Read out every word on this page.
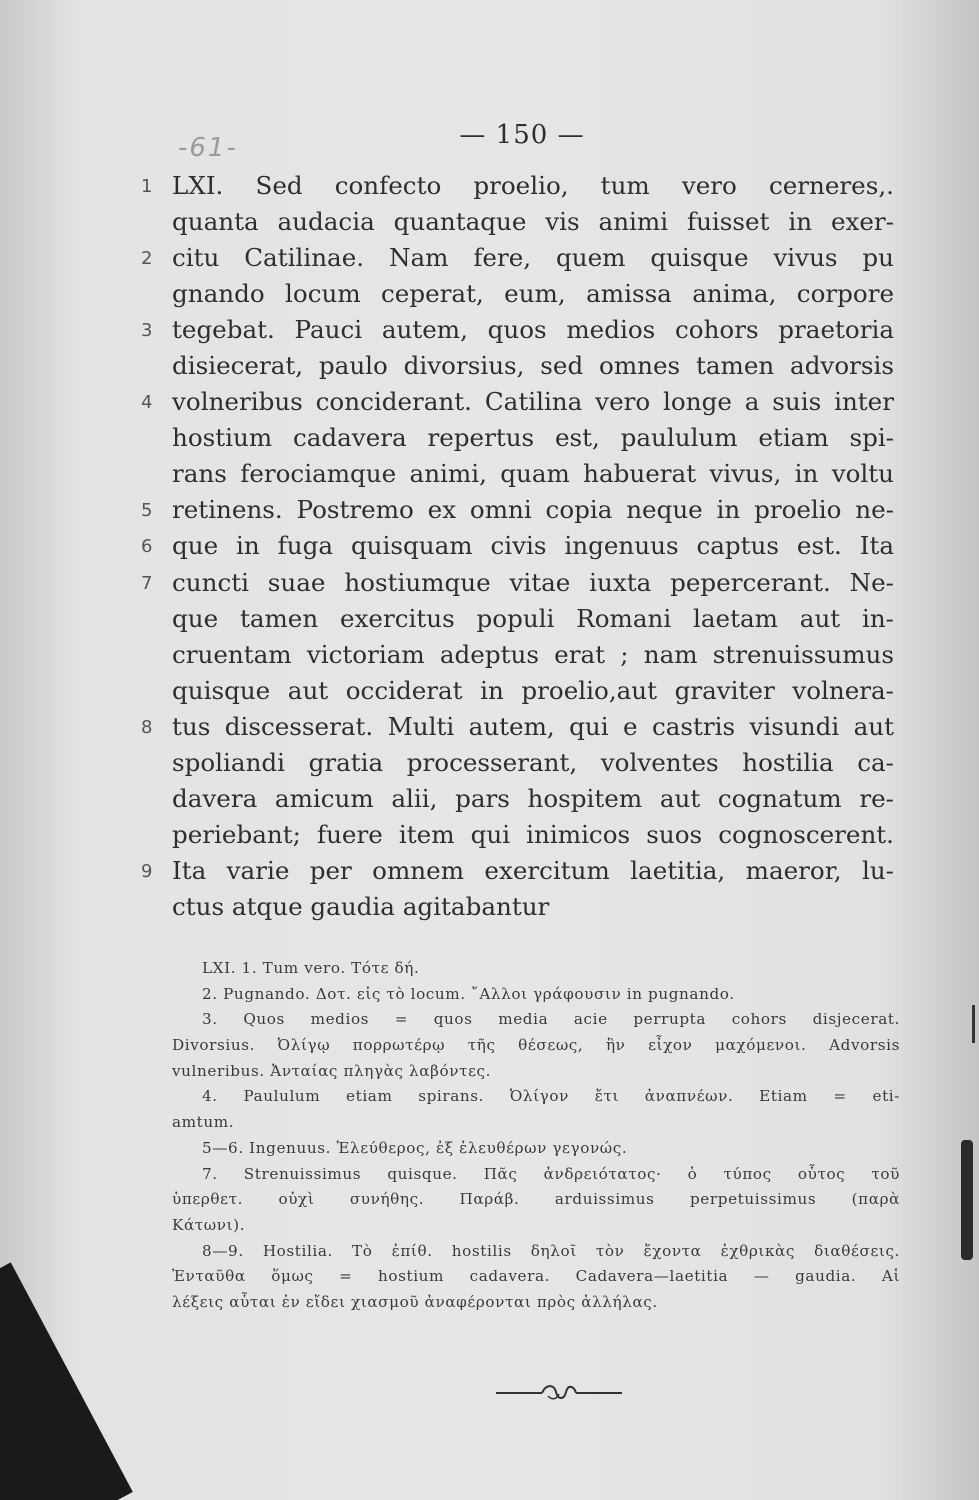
-61-	— 150 —
1 LXI. Sed confecto proelio, tum vero cerneres,.
quanta audacia quantaque vis animi fuisset in exer-
2 citu Catilinae. Nam fere, quem quisque vivus pu
gnando locum ceperat, eum, amissa anima, corpore
3 tegebat. Pauci autem, quos medios cohors praetoria
disiecerat, paulo divorsius, sed omnes tamen advorsis
4 volneribus conciderant. Catilina vero longe a suis inter
hostium cadavera repertus est, paululum etiam spi-
rans ferociamque animi, quam habuerat vivus, in voltu
5 retinens. Postremo ex omni copia neque in proelio ne-
6 que in fuga quisquam civis ingenuus captus est. Ita
7 cuncti suae hostiumque vitae iuxta pepercerant. Ne-
que tamen exercitus populi Romani laetam aut in-
cruentam victoriam adeptus erat ; nam strenuissumus
quisque aut occiderat in proelio,aut graviter volnera-
8 tus discesserat. Multi autem, qui e castris visundi aut
spoliandi gratia processerant, volventes hostilia ca-
davera amicum alii, pars hospitem aut cognatum re-
periebant; fuere item qui inimicos suos cognoscerent.
9 Ita varie per omnem exercitum laetitia, maeror, lu-
ctus atque gaudia agitabantur
LXI. 1. Tum vero. Τότε δή.
2. Pugnando. Δοτ. εἰς τὸ locum. ῎Αλλοι γράφουσιν in pugnando.
3. Quos medios = quos media acie perrupta cohors disjecerat.
Divorsius. Ὀλίγῳ πορρωτέρῳ τῆς θέσεως, ἣν εἶχον μαχόμενοι. Advorsis
vulneribus. Ἀνταίας πληγὰς λαβόντες.
4. Paululum etiam spirans. Ὀλίγον ἔτι ἀναπνέων. Etiam = eti-
amtum.
5—6. Ingenuus. Ἐλεύθερος, ἐξ ἐλευθέρων γεγονώς.
7. Strenuissimus quisque. Πᾶς ἀνδρειότατος· ὁ τύπος οὗτος τοῦ
ὑπερθετ. οὐχὶ συνήθης. Παράβ. arduissimus perpetuissimus (παρὰ
Κάτωνι).
8—9. Hostilia. Τὸ ἐπίθ. hostilis δηλοῖ τὸν ἔχοντα ἐχθρικὰς διαθέσεις.
Ἐνταῦθα ὅμως = hostium cadavera. Cadavera—laetitia — gaudia. Αἱ
λέξεις αὗται ἐν εἴδει χιασμοῦ ἀναφέρονται πρὸς ἀλλήλας.
